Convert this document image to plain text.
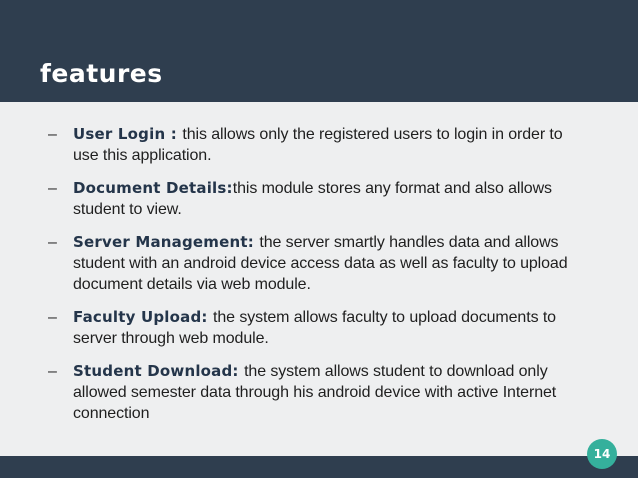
features
–	User Login : this allows only the registered users to login in order to use this application.
–	Document Details:this module stores any format and also allows student to view.
–	Server Management: the server smartly handles data and allows student with an android device access data as well as faculty to upload document details via web module.
–	Faculty Upload: the system allows faculty to upload documents to server through web module.
–	Student Download: the system allows student to download only allowed semester data through his android device with active Internet connection
14
